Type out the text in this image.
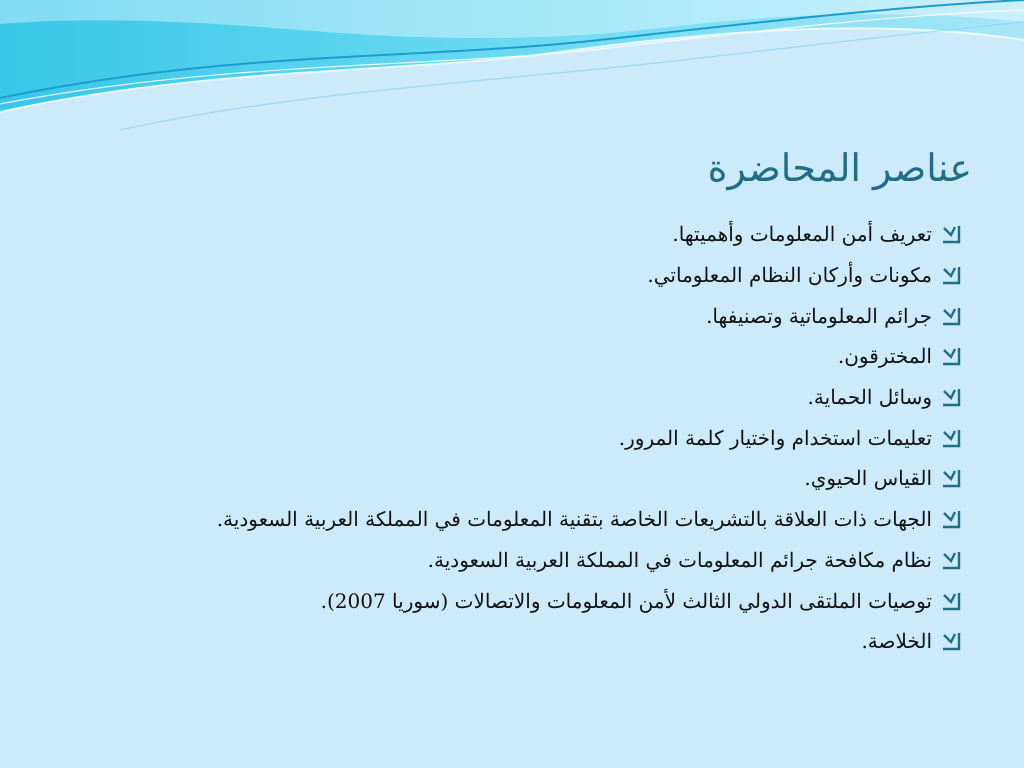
عناصر المحاضرة
تعريف أمن المعلومات وأهميتها.
مكونات وأركان النظام المعلوماتي.
جرائم المعلوماتية وتصنيفها.
المخترقون.
وسائل الحماية.
تعليمات استخدام واختيار كلمة المرور.
القياس الحيوي.
الجهات ذات العلاقة بالتشريعات الخاصة بتقنية المعلومات في المملكة العربية السعودية.
نظام مكافحة جرائم المعلومات في المملكة العربية السعودية.
توصيات الملتقى الدولي الثالث لأمن المعلومات والاتصالات (سوريا 2007).
الخلاصة.
